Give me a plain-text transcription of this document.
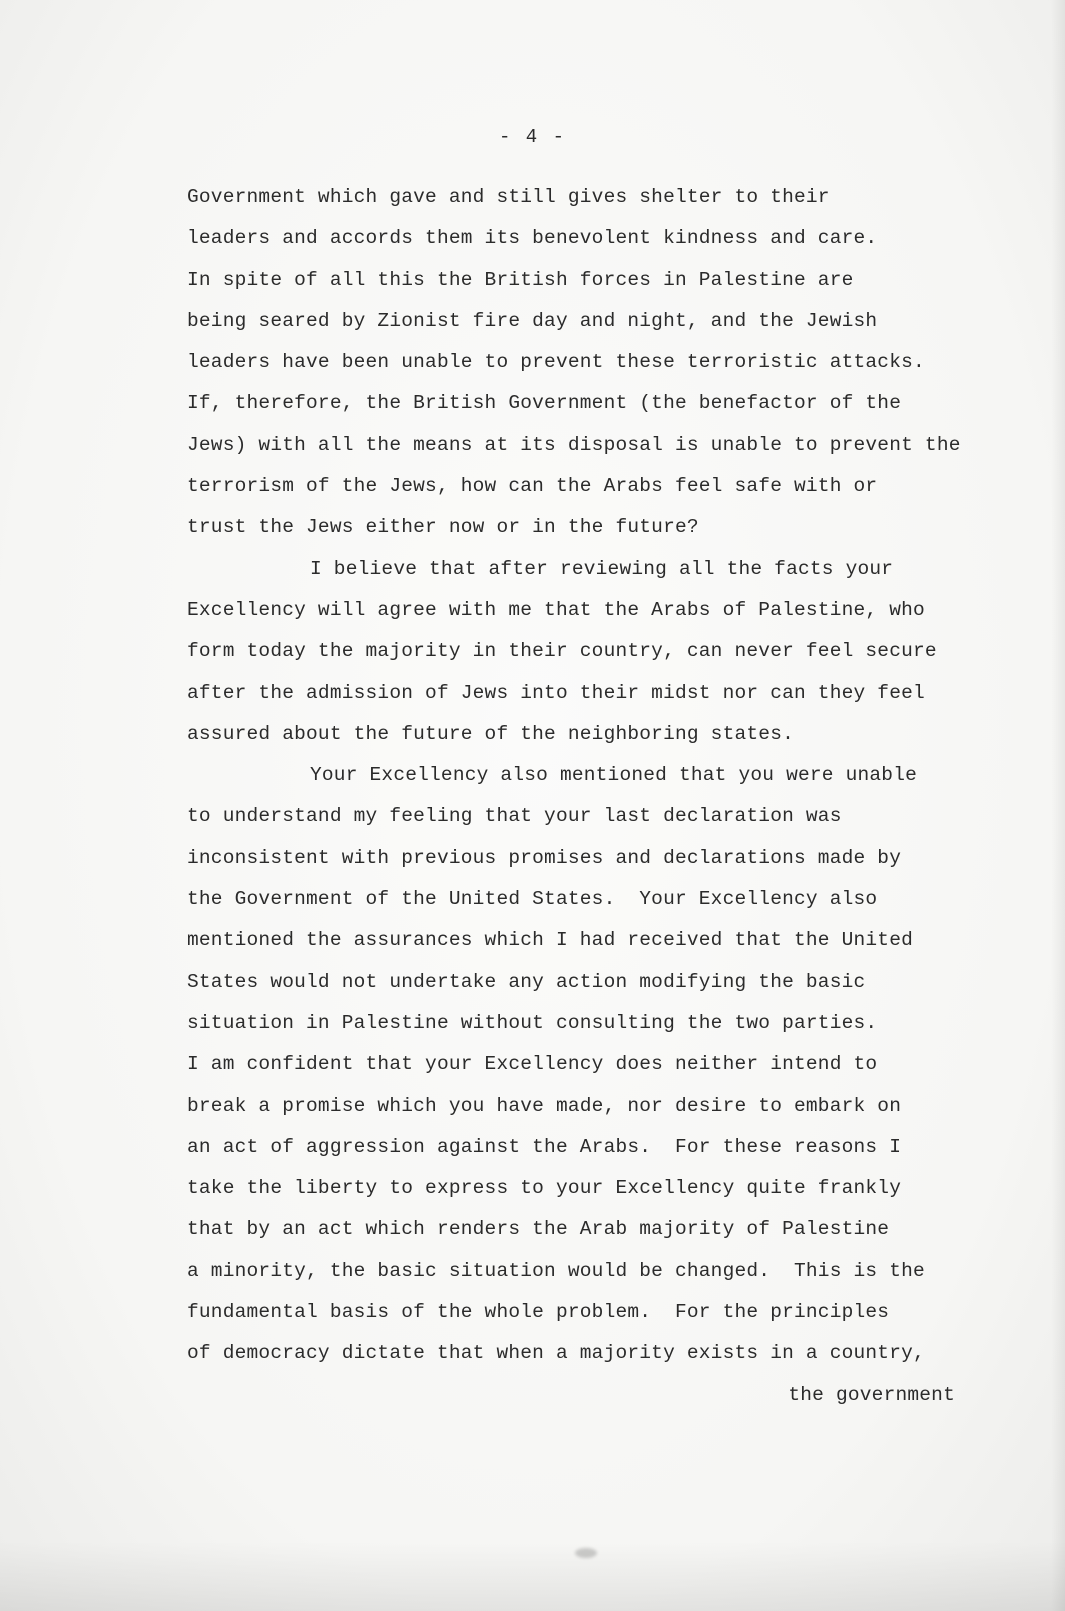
- 4 -
Government which gave and still gives shelter to their
leaders and accords them its benevolent kindness and care.
In spite of all this the British forces in Palestine are
being seared by Zionist fire day and night, and the Jewish
leaders have been unable to prevent these terroristic attacks.
If, therefore, the British Government (the benefactor of the
Jews) with all the means at its disposal is unable to prevent the
terrorism of the Jews, how can the Arabs feel safe with or
trust the Jews either now or in the future?
I believe that after reviewing all the facts your
Excellency will agree with me that the Arabs of Palestine, who
form today the majority in their country, can never feel secure
after the admission of Jews into their midst nor can they feel
assured about the future of the neighboring states.
Your Excellency also mentioned that you were unable
to understand my feeling that your last declaration was
inconsistent with previous promises and declarations made by
the Government of the United States.  Your Excellency also
mentioned the assurances which I had received that the United
States would not undertake any action modifying the basic
situation in Palestine without consulting the two parties.
I am confident that your Excellency does neither intend to
break a promise which you have made, nor desire to embark on
an act of aggression against the Arabs.  For these reasons I
take the liberty to express to your Excellency quite frankly
that by an act which renders the Arab majority of Palestine
a minority, the basic situation would be changed.  This is the
fundamental basis of the whole problem.  For the principles
of democracy dictate that when a majority exists in a country,
the government
